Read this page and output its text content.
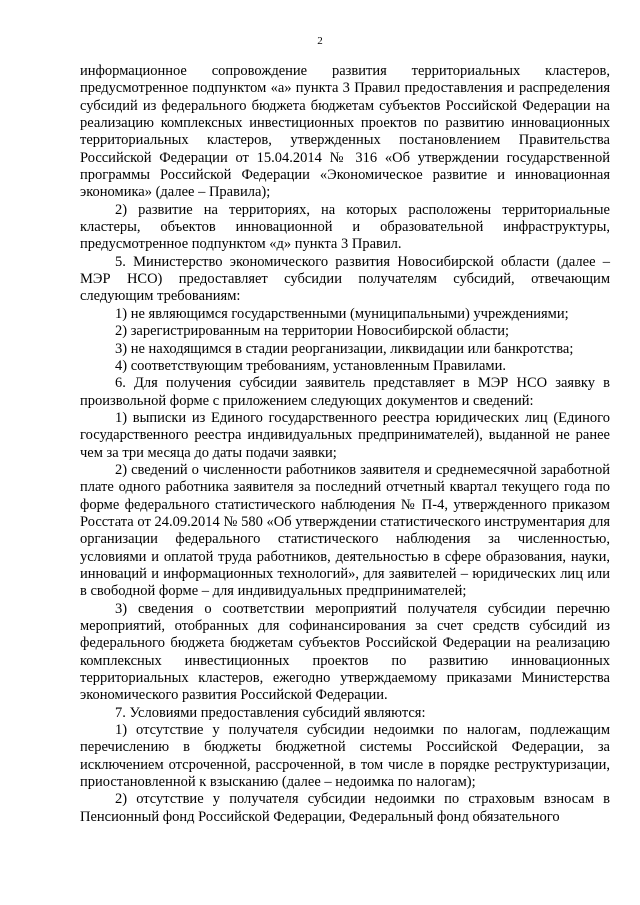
2

информационное сопровождение развития территориальных кластеров, предусмотренное подпунктом «а» пункта 3 Правил предоставления и распределения субсидий из федерального бюджета бюджетам субъектов Российской Федерации на реализацию комплексных инвестиционных проектов по развитию инновационных территориальных кластеров, утвержденных постановлением Правительства Российской Федерации от 15.04.2014 № 316 «Об утверждении государственной программы Российской Федерации «Экономическое развитие и инновационная экономика» (далее – Правила);

2) развитие на территориях, на которых расположены территориальные кластеры, объектов инновационной и образовательной инфраструктуры, предусмотренное подпунктом «д» пункта 3 Правил.

5. Министерство экономического развития Новосибирской области (далее – МЭР НСО) предоставляет субсидии получателям субсидий, отвечающим следующим требованиям:

1) не являющимся государственными (муниципальными) учреждениями;

2) зарегистрированным на территории Новосибирской области;

3) не находящимся в стадии реорганизации, ликвидации или банкротства;

4) соответствующим требованиям, установленным Правилами.

6. Для получения субсидии заявитель представляет в МЭР НСО заявку в произвольной форме с приложением следующих документов и сведений:

1) выписки из Единого государственного реестра юридических лиц (Единого государственного реестра индивидуальных предпринимателей), выданной не ранее чем за три месяца до даты подачи заявки;

2) сведений о численности работников заявителя и среднемесячной заработной плате одного работника заявителя за последний отчетный квартал текущего года по форме федерального статистического наблюдения № П-4, утвержденного приказом Росстата от 24.09.2014 № 580 «Об утверждении статистического инструментария для организации федерального статистического наблюдения за численностью, условиями и оплатой труда работников, деятельностью в сфере образования, науки, инноваций и информационных технологий», для заявителей – юридических лиц или в свободной форме – для индивидуальных предпринимателей;

3) сведения о соответствии мероприятий получателя субсидии перечню мероприятий, отобранных для софинансирования за счет средств субсидий из федерального бюджета бюджетам субъектов Российской Федерации на реализацию комплексных инвестиционных проектов по развитию инновационных территориальных кластеров, ежегодно утверждаемому приказами Министерства экономического развития Российской Федерации.

7. Условиями предоставления субсидий являются:

1) отсутствие у получателя субсидии недоимки по налогам, подлежащим перечислению в бюджеты бюджетной системы Российской Федерации, за исключением отсроченной, рассроченной, в том числе в порядке реструктуризации, приостановленной к взысканию (далее – недоимка по налогам);

2) отсутствие у получателя субсидии недоимки по страховым взносам в Пенсионный фонд Российской Федерации, Федеральный фонд обязательного
